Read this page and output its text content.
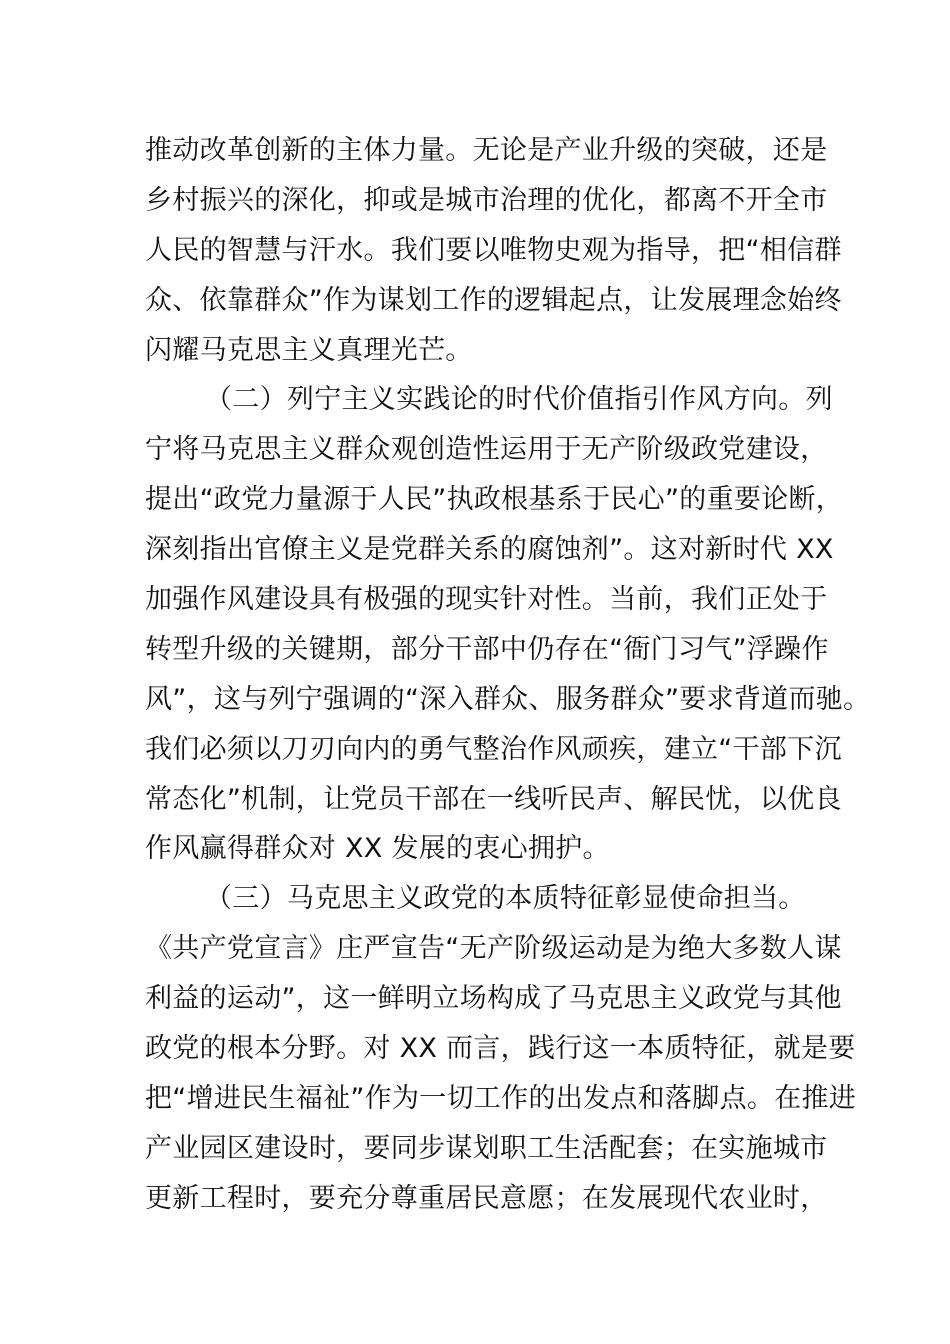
推动改革创新的主体力量。无论是产业升级的突破，还是
乡村振兴的深化，抑或是城市治理的优化，都离不开全市
人民的智慧与汗水。我们要以唯物史观为指导，把“相信群
众、依靠群众”作为谋划工作的逻辑起点，让发展理念始终
闪耀马克思主义真理光芒。
（二）列宁主义实践论的时代价值指引作风方向。列
宁将马克思主义群众观创造性运用于无产阶级政党建设，
提出“政党力量源于人民”执政根基系于民心”的重要论断，
深刻指出官僚主义是党群关系的腐蚀剂”。这对新时代 XX
加强作风建设具有极强的现实针对性。当前，我们正处于
转型升级的关键期，部分干部中仍存在“衙门习气”浮躁作
风”，这与列宁强调的“深入群众、服务群众”要求背道而驰。
我们必须以刀刃向内的勇气整治作风顽疾，建立“干部下沉
常态化”机制，让党员干部在一线听民声、解民忧，以优良
作风赢得群众对 XX 发展的衷心拥护。
（三）马克思主义政党的本质特征彰显使命担当。
《共产党宣言》庄严宣告“无产阶级运动是为绝大多数人谋
利益的运动”，这一鲜明立场构成了马克思主义政党与其他
政党的根本分野。对 XX 而言，践行这一本质特征，就是要
把“增进民生福祉”作为一切工作的出发点和落脚点。在推进
产业园区建设时，要同步谋划职工生活配套；在实施城市
更新工程时，要充分尊重居民意愿；在发展现代农业时，
